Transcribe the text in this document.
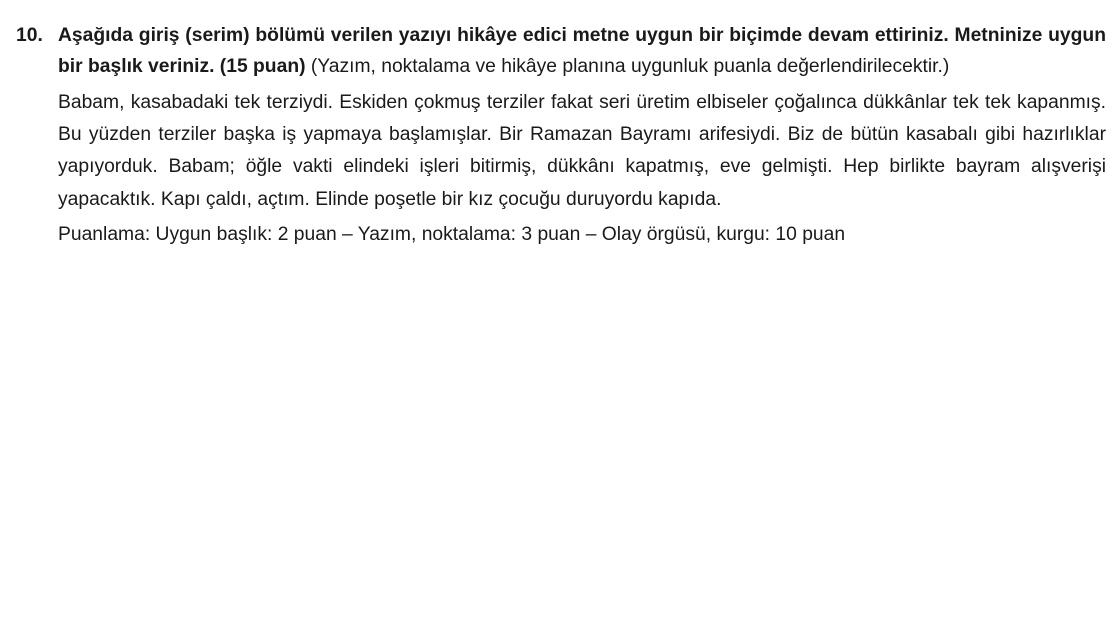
10. Aşağıda giriş (serim) bölümü verilen yazıyı hikâye edici metne uygun bir biçimde devam ettiriniz. Metninize uygun bir başlık veriniz. (15 puan) (Yazım, noktalama ve hikâye planına uygunluk puanla değerlendirilecektir.)

Babam, kasabadaki tek terziydi. Eskiden çokmuş terziler fakat seri üretim elbiseler çoğalınca dükkânlar tek tek kapanmış. Bu yüzden terziler başka iş yapmaya başlamışlar. Bir Ramazan Bayramı arifesiydi. Biz de bütün kasabalı gibi hazırlıklar yapıyorduk. Babam; öğle vakti elindeki işleri bitirmiş, dükkânı kapatmış, eve gelmişti. Hep birlikte bayram alışverişi yapacaktık. Kapı çaldı, açtım. Elinde poşetle bir kız çocuğu duruyordu kapıda.

Puanlama: Uygun başlık: 2 puan – Yazım, noktalama: 3 puan – Olay örgüsü, kurgu: 10 puan
